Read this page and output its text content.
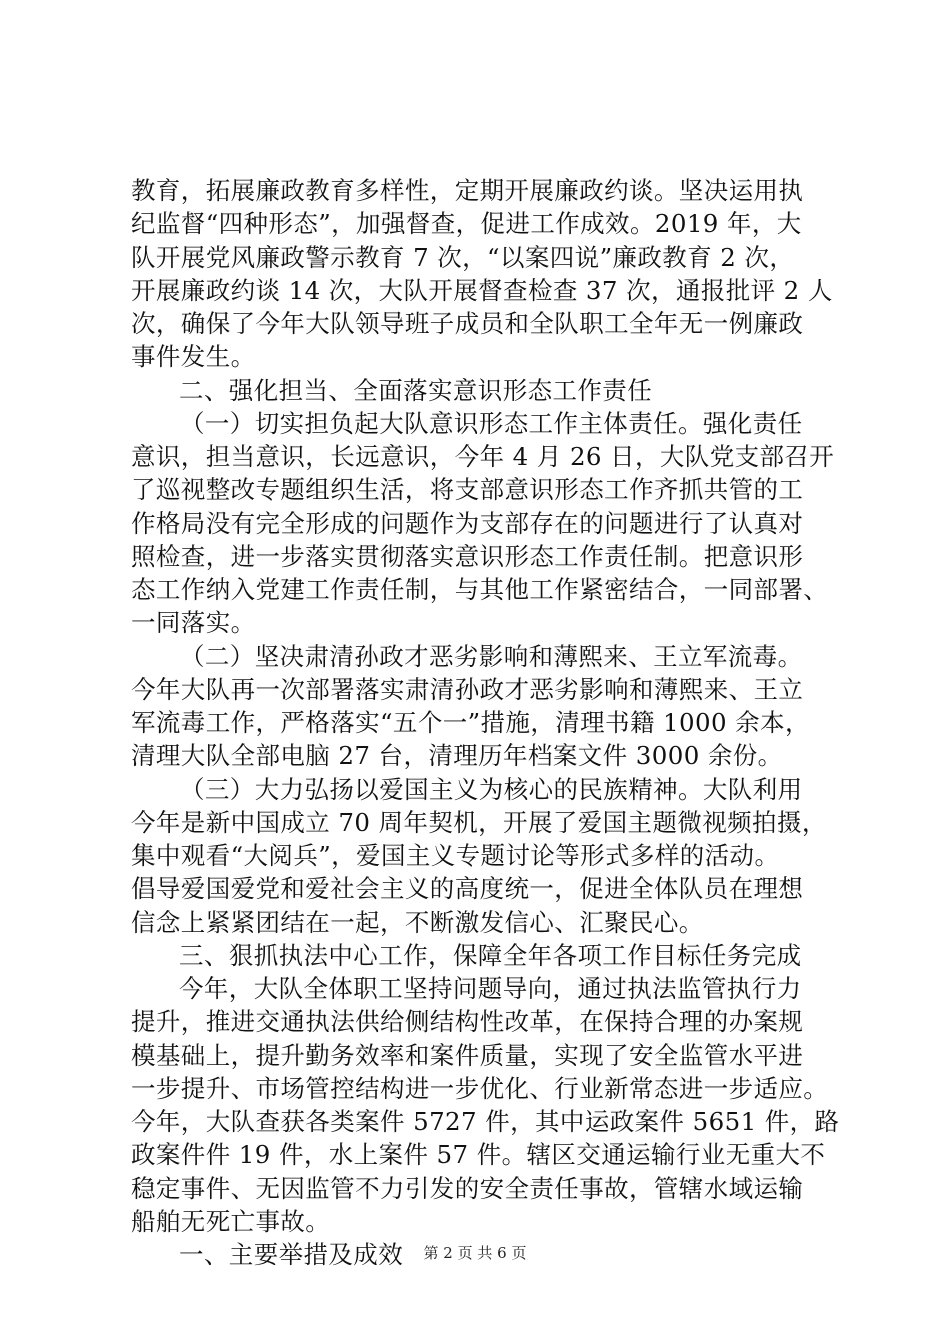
教育，拓展廉政教育多样性，定期开展廉政约谈。坚决运用执
纪监督“四种形态”，加强督查，促进工作成效。2019 年，大
队开展党风廉政警示教育 7 次，“以案四说”廉政教育 2 次，
开展廉政约谈 14 次，大队开展督查检查 37 次，通报批评 2 人
次，确保了今年大队领导班子成员和全队职工全年无一例廉政
事件发生。
二、强化担当、全面落实意识形态工作责任
（一）切实担负起大队意识形态工作主体责任。强化责任
意识，担当意识，长远意识，今年 4 月 26 日，大队党支部召开
了巡视整改专题组织生活，将支部意识形态工作齐抓共管的工
作格局没有完全形成的问题作为支部存在的问题进行了认真对
照检查，进一步落实贯彻落实意识形态工作责任制。把意识形
态工作纳入党建工作责任制，与其他工作紧密结合，一同部署、
一同落实。
（二）坚决肃清孙政才恶劣影响和薄熙来、王立军流毒。
今年大队再一次部署落实肃清孙政才恶劣影响和薄熙来、王立
军流毒工作，严格落实“五个一”措施，清理书籍 1000 余本，
清理大队全部电脑 27 台，清理历年档案文件 3000 余份。
（三）大力弘扬以爱国主义为核心的民族精神。大队利用
今年是新中国成立 70 周年契机，开展了爱国主题微视频拍摄，
集中观看“大阅兵”，爱国主义专题讨论等形式多样的活动。
倡导爱国爱党和爱社会主义的高度统一，促进全体队员在理想
信念上紧紧团结在一起，不断激发信心、汇聚民心。
三、狠抓执法中心工作，保障全年各项工作目标任务完成
今年，大队全体职工坚持问题导向，通过执法监管执行力
提升，推进交通执法供给侧结构性改革，在保持合理的办案规
模基础上，提升勤务效率和案件质量，实现了安全监管水平进
一步提升、市场管控结构进一步优化、行业新常态进一步适应。
今年，大队查获各类案件 5727 件，其中运政案件 5651 件，路
政案件件 19 件，水上案件 57 件。辖区交通运输行业无重大不
稳定事件、无因监管不力引发的安全责任事故，管辖水域运输
船舶无死亡事故。
一、主要举措及成效	第 2 页 共 6 页
